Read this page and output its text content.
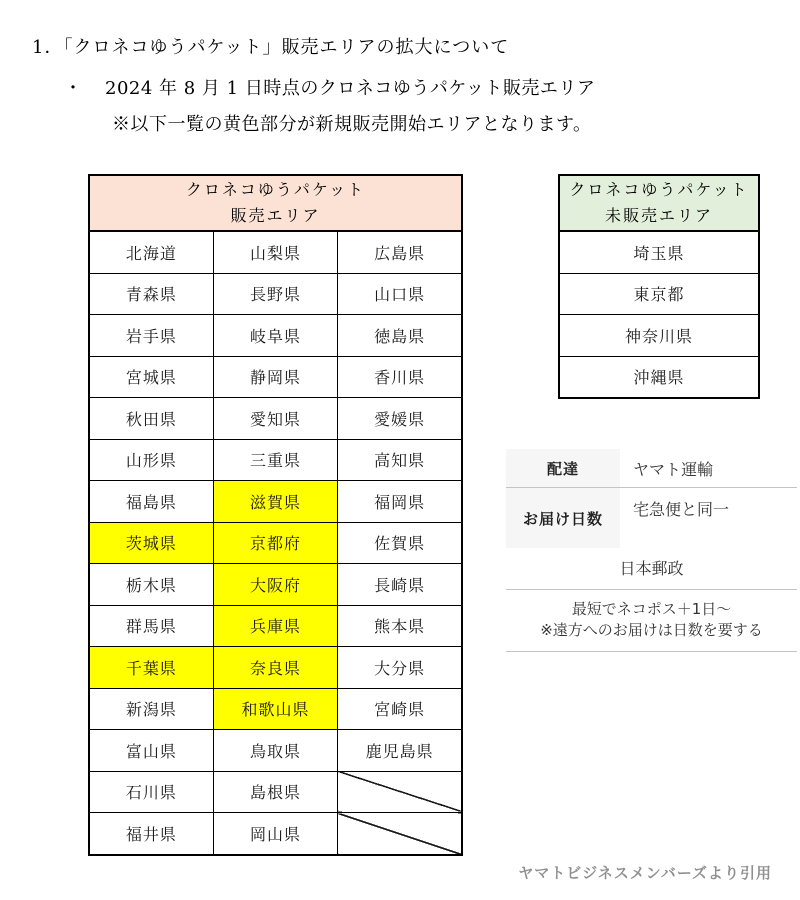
1．「クロネコゆうパケット」販売エリアの拡大について
・ 2024 年 8 月 1 日時点のクロネコゆうパケット販売エリア
※以下一覧の黄色部分が新規販売開始エリアとなります。
クロネコゆうパケット
販売エリア		

北海道	山梨県	広島県
青森県	長野県	山口県
岩手県	岐阜県	徳島県
宮城県	静岡県	香川県
秋田県	愛知県	愛媛県
山形県	三重県	高知県
福島県	滋賀県	福岡県
茨城県	京都府	佐賀県
栃木県	大阪府	長崎県
群馬県	兵庫県	熊本県
千葉県	奈良県	大分県
新潟県	和歌山県	宮崎県
富山県	鳥取県	鹿児島県
石川県	島根県	
福井県	岡山県	
クロネコゆうパケット
未販売エリア

埼玉県
東京都
神奈川県
沖縄県
配達	ヤマト運輸
お届け日数	宅急便と同一
日本郵政
最短でネコポス＋1日～
※遠方へのお届けは日数を要する
ヤマトビジネスメンバーズより引用
